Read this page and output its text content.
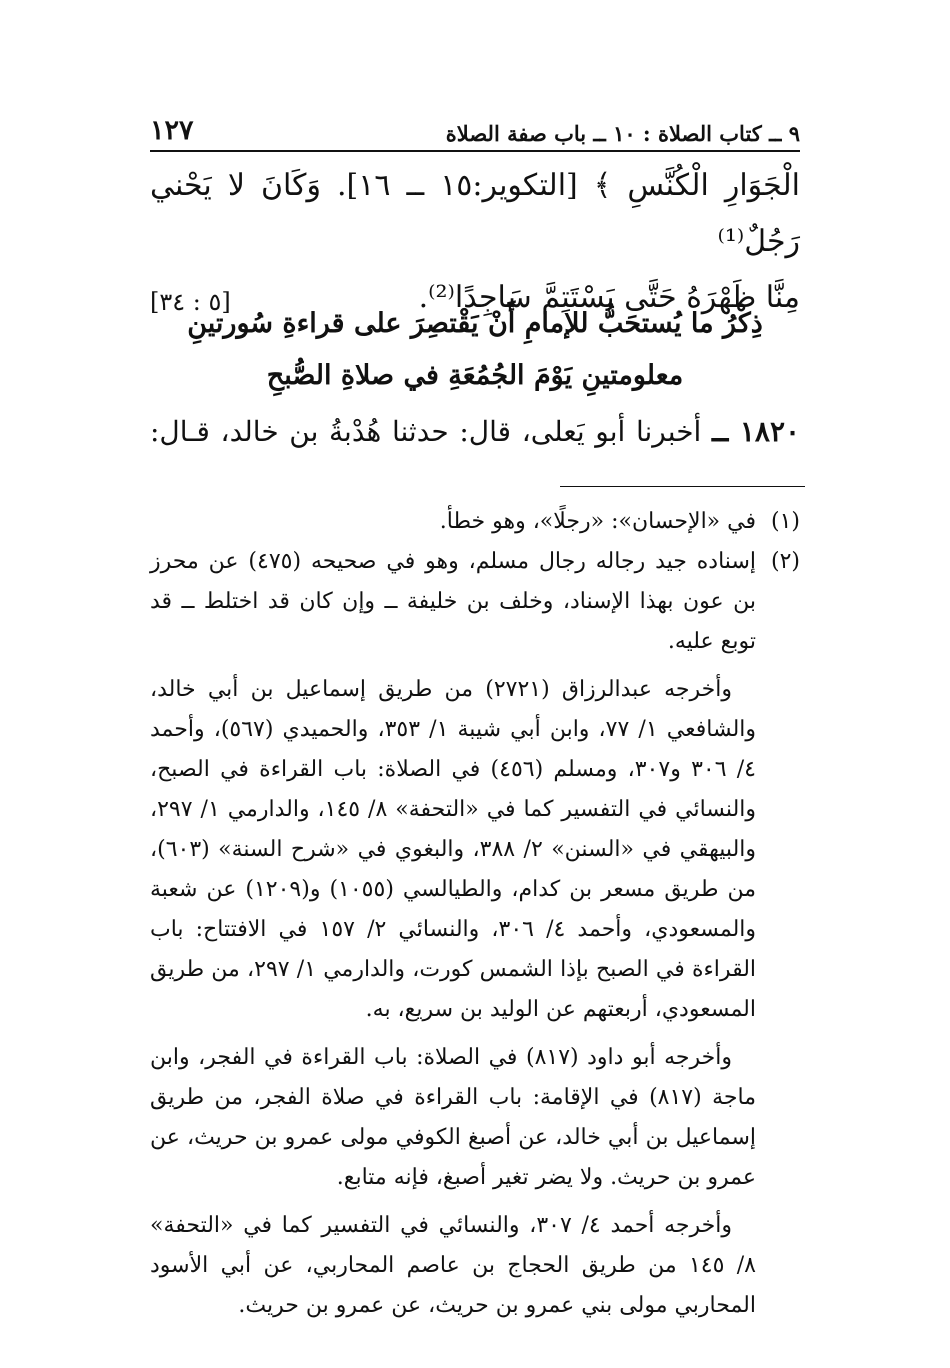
٩ ــ كتاب الصلاة : ١٠ ــ باب صفة الصلاة
١٢٧

الْجَوَارِ الْكُنَّسِ ﴾ [التكوير:١٥ ــ ١٦]. وَكَانَ لا يَحْني رَجُلٌ⁽¹⁾

[٥ : ٣٤]	مِنَّا ظَهْرَهُ حَتَّى يَسْتَتِمَّ سَاجِدًا⁽²⁾.

ذِكْرُ ما يُستحَبُّ للإمامِ أَنْ يَقْتصِرَ على قراءةِ سُورتينِ
معلومتينِ يَوْمَ الجُمُعَةِ في صلاةِ الصُّبحِ

١٨٢٠ ــ أخبرنا أبو يَعلى، قال: حدثنا هُدْبةُ بن خالد، قـال:

(١)
في «الإحسان»: «رجلًا»، وهو خطأ.

(٢)
إسناده جيد رجاله رجال مسلم، وهو في صحيحه (٤٧٥) عن محرز بن عون بهذا الإسناد، وخلف بن خليفة ــ وإن كان قد اختلط ــ قد توبع عليه.

وأخرجه عبدالرزاق (٢٧٢١) من طريق إسماعيل بن أبي خالد، والشافعي ١/ ٧٧، وابن أبي شيبة ١/ ٣٥٣، والحميدي (٥٦٧)، وأحمد ٤/ ٣٠٦ و٣٠٧، ومسلم (٤٥٦) في الصلاة: باب القراءة في الصبح، والنسائي في التفسير كما في «التحفة» ٨/ ١٤٥، والدارمي ١/ ٢٩٧، والبيهقي في «السنن» ٢/ ٣٨٨، والبغوي في «شرح السنة» (٦٠٣)، من طريق مسعر بن كدام، والطيالسي (١٠٥٥) و(١٢٠٩) عن شعبة والمسعودي، وأحمد ٤/ ٣٠٦، والنسائي ٢/ ١٥٧ في الافتتاح: باب القراءة في الصبح بإذا الشمس كورت، والدارمي ١/ ٢٩٧، من طريق المسعودي، أربعتهم عن الوليد بن سريع، به.

وأخرجه أبو داود (٨١٧) في الصلاة: باب القراءة في الفجر، وابن ماجة (٨١٧) في الإقامة: باب القراءة في صلاة الفجر، من طريق إسماعيل بن أبي خالد، عن أصبغ الكوفي مولى عمرو بن حريث، عن عمرو بن حريث. ولا يضر تغير أصبغ، فإنه متابع.

وأخرجه أحمد ٤/ ٣٠٧، والنسائي في التفسير كما في «التحفة» ٨/ ١٤٥ من طريق الحجاج بن عاصم المحاربي، عن أبي الأسود المحاربي مولى بني عمرو بن حريث، عن عمرو بن حريث.
